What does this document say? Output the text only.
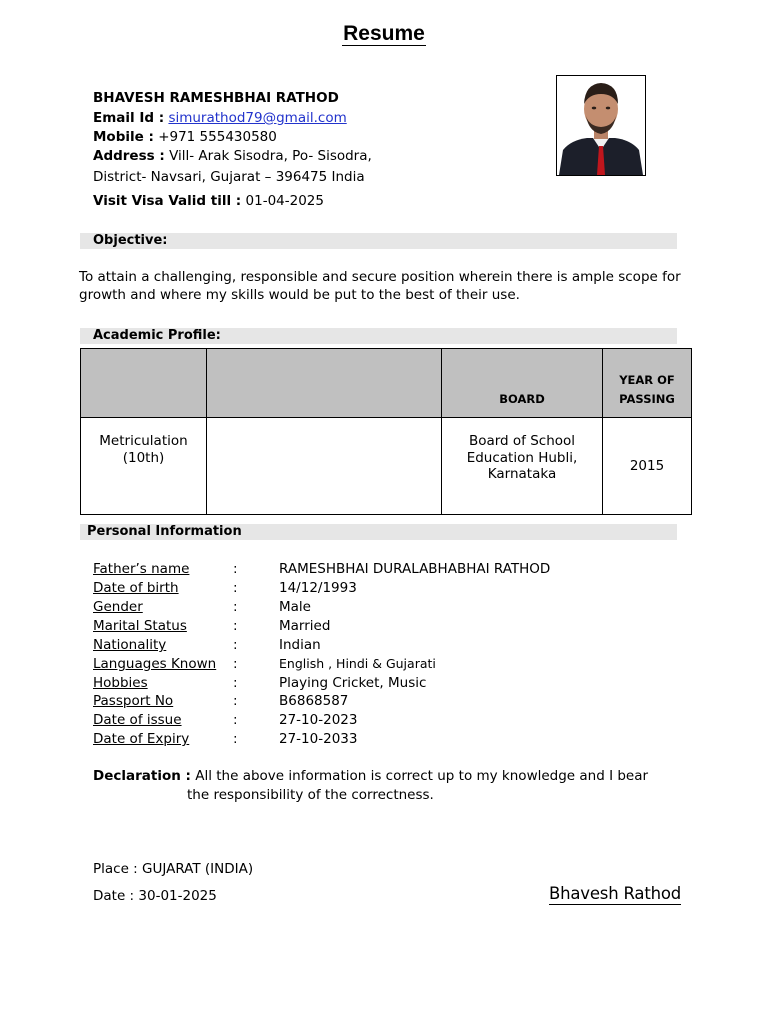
Resume
BHAVESH RAMESHBHAI RATHOD
Email Id : simurathod79@gmail.com
Mobile : +971 555430580
Address : Vill- Arak Sisodra, Po- Sisodra,
District- Navsari, Gujarat – 396475 India
Visit Visa Valid till : 01-04-2025
Objective:
To attain a challenging, responsible and secure position wherein there is ample scope for growth and where my skills would be put to the best of their use.
Academic Profile:
		BOARD	YEAR OF PASSING
Metriculation (10th)		Board of School Education Hubli, Karnataka	2015
Personal Information
Father’s name	:	RAMESHBHAI DURALABHABHAI RATHOD
Date of birth	:	14/12/1993
Gender	:	Male
Marital Status	:	Married
Nationality	:	Indian
Languages Known :	English , Hindi & Gujarati
Hobbies	:	Playing Cricket, Music
Passport No	:	B6868587
Date of issue	:	27-10-2023
Date of Expiry	:	27-10-2033
Declaration : All the above information is correct up to my knowledge and I bear
the responsibility of the correctness.
Place : GUJARAT (INDIA)
Date : 30-01-2025	Bhavesh Rathod
